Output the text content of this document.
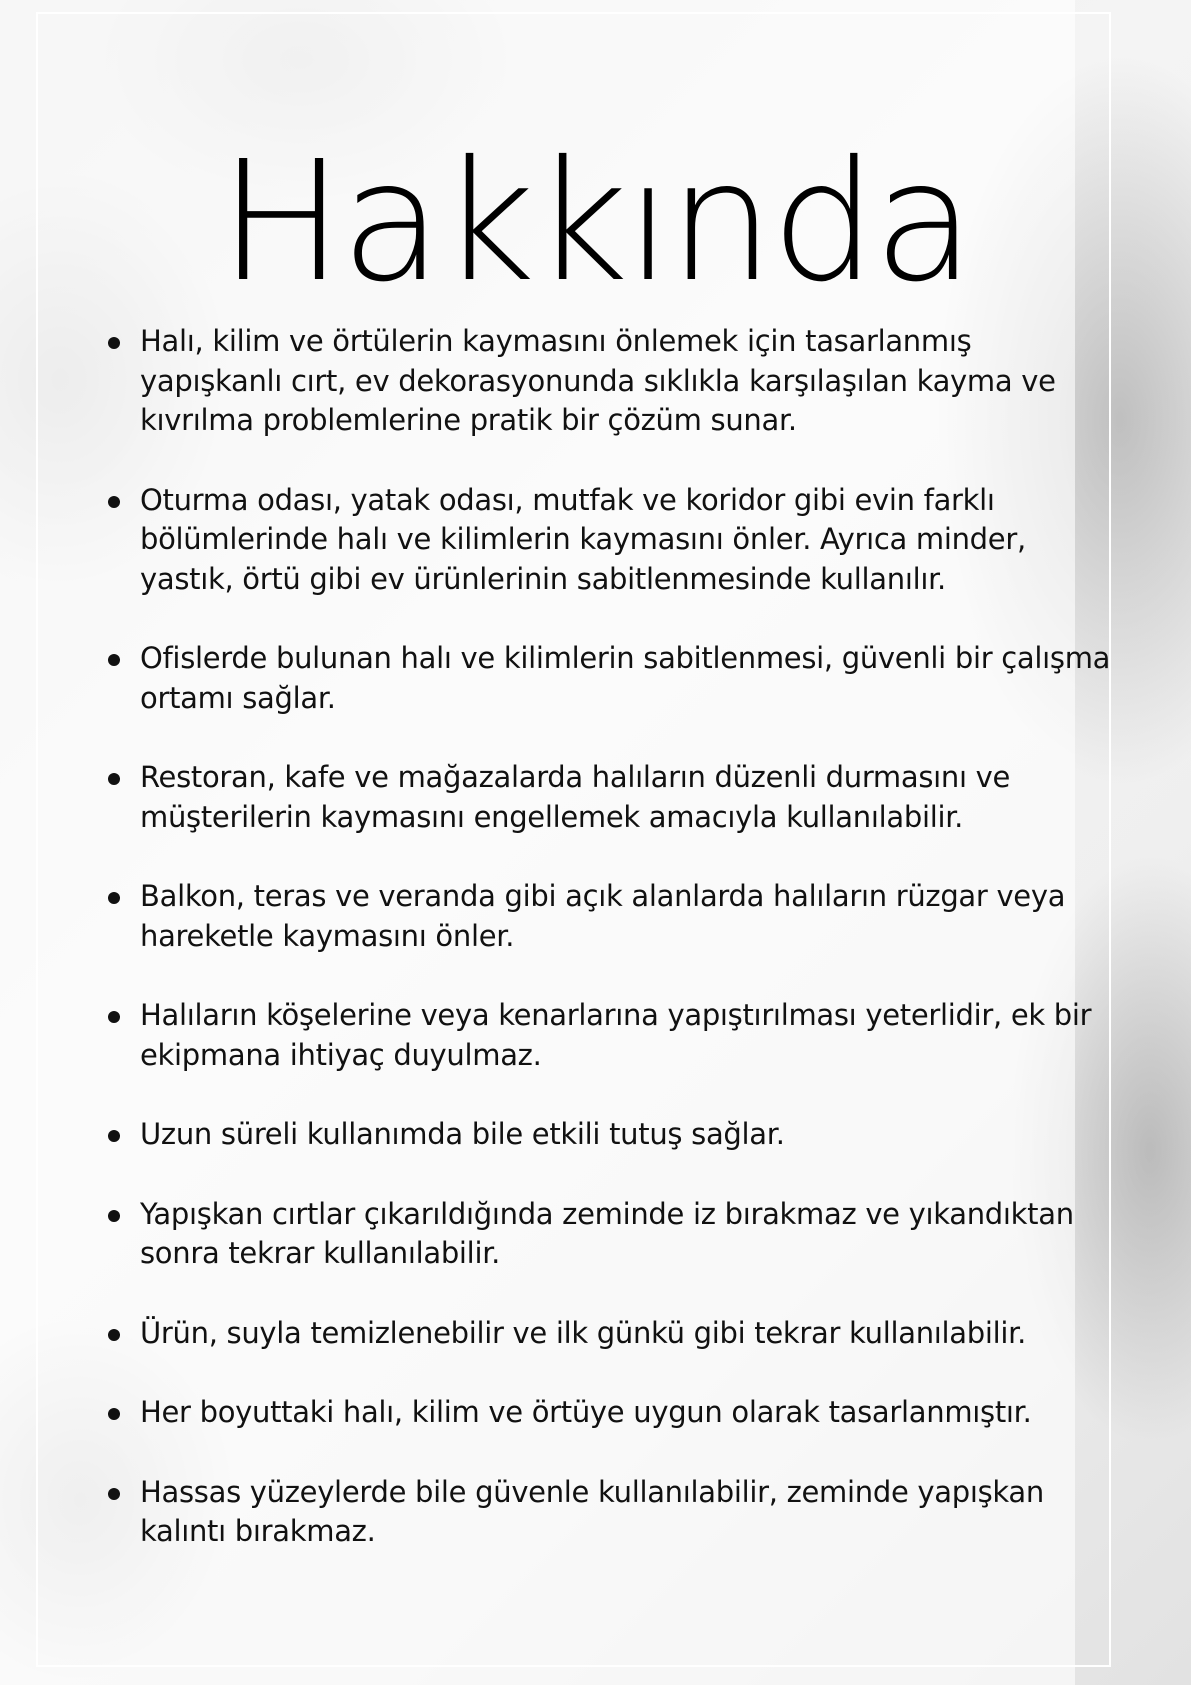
Hakkında
Halı, kilim ve örtülerin kaymasını önlemek için tasarlanmış yapışkanlı cırt, ev dekorasyonunda sıklıkla karşılaşılan kayma ve kıvrılma problemlerine pratik bir çözüm sunar.
Oturma odası, yatak odası, mutfak ve koridor gibi evin farklı bölümlerinde halı ve kilimlerin kaymasını önler. Ayrıca minder, yastık, örtü gibi ev ürünlerinin sabitlenmesinde kullanılır.
Ofislerde bulunan halı ve kilimlerin sabitlenmesi, güvenli bir çalışma ortamı sağlar.
Restoran, kafe ve mağazalarda halıların düzenli durmasını ve müşterilerin kaymasını engellemek amacıyla kullanılabilir.
Balkon, teras ve veranda gibi açık alanlarda halıların rüzgar veya hareketle kaymasını önler.
Halıların köşelerine veya kenarlarına yapıştırılması yeterlidir, ek bir ekipmana ihtiyaç duyulmaz.
Uzun süreli kullanımda bile etkili tutuş sağlar.
Yapışkan cırtlar çıkarıldığında zeminde iz bırakmaz ve yıkandıktan sonra tekrar kullanılabilir.
Ürün, suyla temizlenebilir ve ilk günkü gibi tekrar kullanılabilir.
Her boyuttaki halı, kilim ve örtüye uygun olarak tasarlanmıştır.
Hassas yüzeylerde bile güvenle kullanılabilir, zeminde yapışkan kalıntı bırakmaz.
